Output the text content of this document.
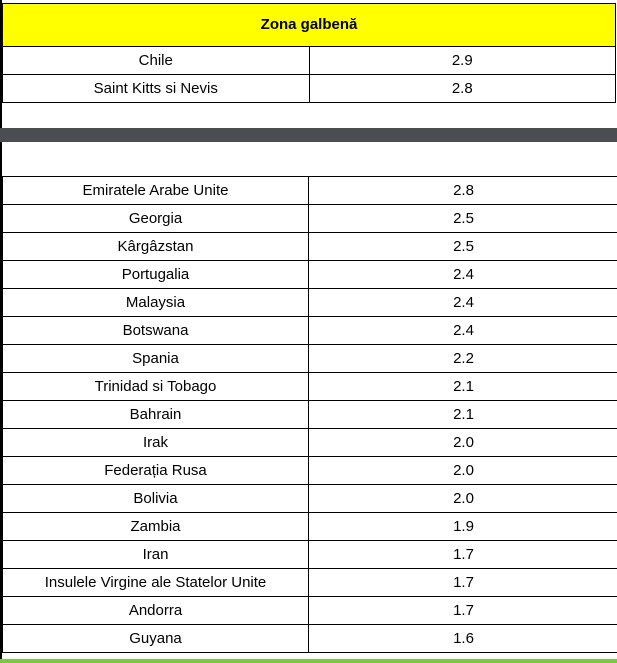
Zona galbenă	
Chile	2.9
Saint Kitts si Nevis	2.8
Emiratele Arabe Unite	2.8
Georgia	2.5
Kârgâzstan	2.5
Portugalia	2.4
Malaysia	2.4
Botswana	2.4
Spania	2.2
Trinidad si Tobago	2.1
Bahrain	2.1
Irak	2.0
Federația Rusa	2.0
Bolivia	2.0
Zambia	1.9
Iran	1.7
Insulele Virgine ale Statelor Unite	1.7
Andorra	1.7
Guyana	1.6
